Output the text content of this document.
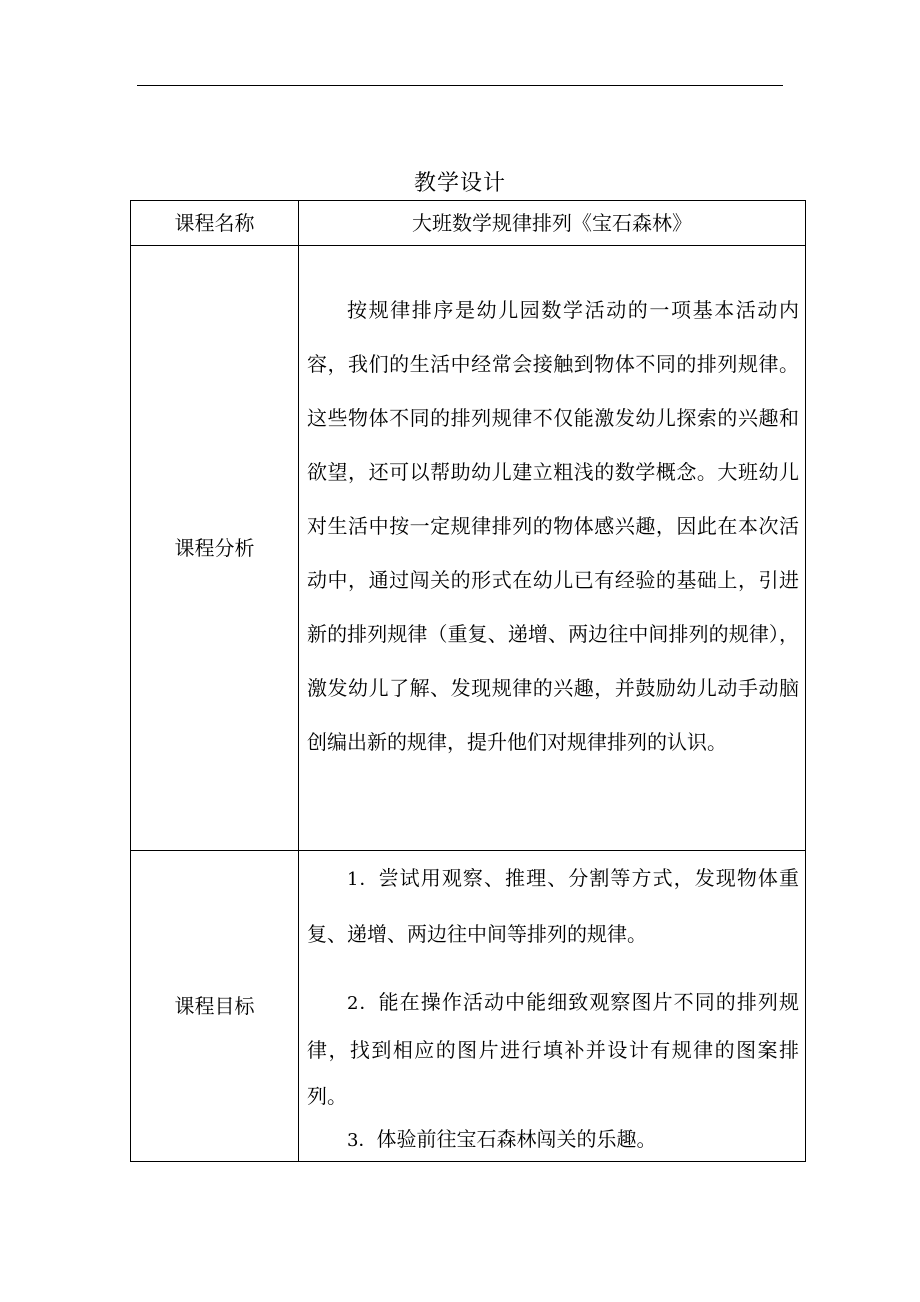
教学设计
课程名称	大班数学规律排列《宝石森林》
课程分析	按规律排序是幼儿园数学活动的一项基本活动内容，我们的生活中经常会接触到物体不同的排列规律。这些物体不同的排列规律不仅能激发幼儿探索的兴趣和欲望，还可以帮助幼儿建立粗浅的数学概念。大班幼儿对生活中按一定规律排列的物体感兴趣，因此在本次活动中，通过闯关的形式在幼儿已有经验的基础上，引进新的排列规律（重复、递增、两边往中间排列的规律），激发幼儿了解、发现规律的兴趣，并鼓励幼儿动手动脑创编出新的规律，提升他们对规律排列的认识。

课程目标	1．尝试用观察、推理、分割等方式，发现物体重复、递增、两边往中间等排列的规律。
2．能在操作活动中能细致观察图片不同的排列规律，找到相应的图片进行填补并设计有规律的图案排列。
3．体验前往宝石森林闯关的乐趣。
